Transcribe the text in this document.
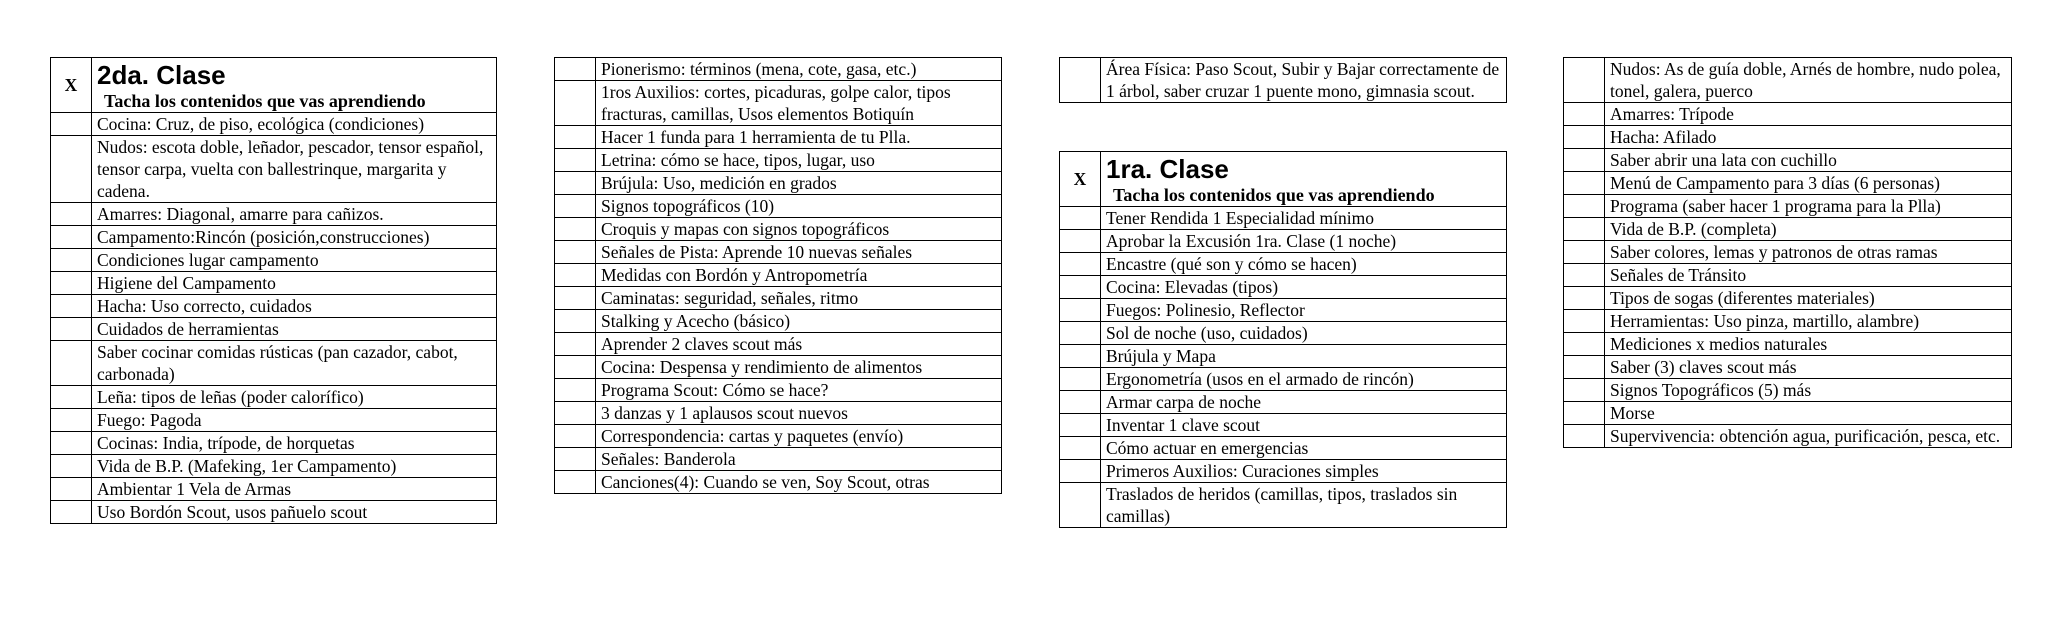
X	2da. Clase
Tacha los contenidos que vas aprendiendo

	Cocina: Cruz, de piso, ecológica (condiciones)
	Nudos: escota doble, leñador, pescador, tensor español, tensor carpa, vuelta con ballestrinque, margarita y cadena.
	Amarres: Diagonal, amarre para cañizos.
	Campamento:Rincón (posición,construcciones)
	Condiciones lugar campamento
	Higiene del Campamento
	Hacha: Uso correcto, cuidados
	Cuidados de herramientas
	Saber cocinar comidas rústicas (pan cazador, cabot, carbonada)
	Leña: tipos de leñas (poder calorífico)
	Fuego: Pagoda
	Cocinas: India, trípode, de horquetas
	Vida de B.P. (Mafeking, 1er Campamento)
	Ambientar 1 Vela de Armas
	Uso Bordón Scout, usos pañuelo scout
	Pionerismo: términos (mena, cote, gasa, etc.)
	1ros Auxilios: cortes, picaduras, golpe calor, tipos fracturas, camillas, Usos elementos Botiquín
	Hacer 1 funda para 1 herramienta de tu Plla.
	Letrina: cómo se hace, tipos, lugar, uso
	Brújula: Uso, medición en grados
	Signos topográficos (10)
	Croquis y mapas con signos topográficos
	Señales de Pista: Aprende 10 nuevas señales
	Medidas con Bordón y Antropometría
	Caminatas: seguridad, señales, ritmo
	Stalking y Acecho (básico)
	Aprender 2 claves scout más
	Cocina: Despensa y rendimiento de alimentos
	Programa Scout: Cómo se hace?
	3 danzas y 1 aplausos scout nuevos
	Correspondencia: cartas y paquetes (envío)
	Señales: Banderola
	Canciones(4): Cuando se ven, Soy Scout, otras
	Área Física: Paso Scout, Subir y Bajar correctamente de 1 árbol, saber cruzar 1 puente mono, gimnasia scout.
X	1ra. Clase
Tacha los contenidos que vas aprendiendo

	Tener Rendida 1 Especialidad mínimo
	Aprobar la Excusión 1ra. Clase (1 noche)
	Encastre (qué son y cómo se hacen)
	Cocina: Elevadas (tipos)
	Fuegos: Polinesio, Reflector
	Sol de noche (uso, cuidados)
	Brújula y Mapa
	Ergonometría (usos en el armado de rincón)
	Armar carpa de noche
	Inventar 1 clave scout
	Cómo actuar en emergencias
	Primeros Auxilios: Curaciones simples
	Traslados de heridos (camillas, tipos, traslados sin camillas)
	Nudos: As de guía doble, Arnés de hombre, nudo polea, tonel, galera, puerco
	Amarres: Trípode
	Hacha: Afilado
	Saber abrir una lata con cuchillo
	Menú de Campamento para 3 días (6 personas)
	Programa (saber hacer 1 programa para la Plla)
	Vida de B.P. (completa)
	Saber colores, lemas y patronos de otras ramas
	Señales de Tránsito
	Tipos de sogas (diferentes materiales)
	Herramientas: Uso pinza, martillo, alambre)
	Mediciones x medios naturales
	Saber (3) claves scout más
	Signos Topográficos (5) más
	Morse
	Supervivencia: obtención agua, purificación, pesca, etc.
